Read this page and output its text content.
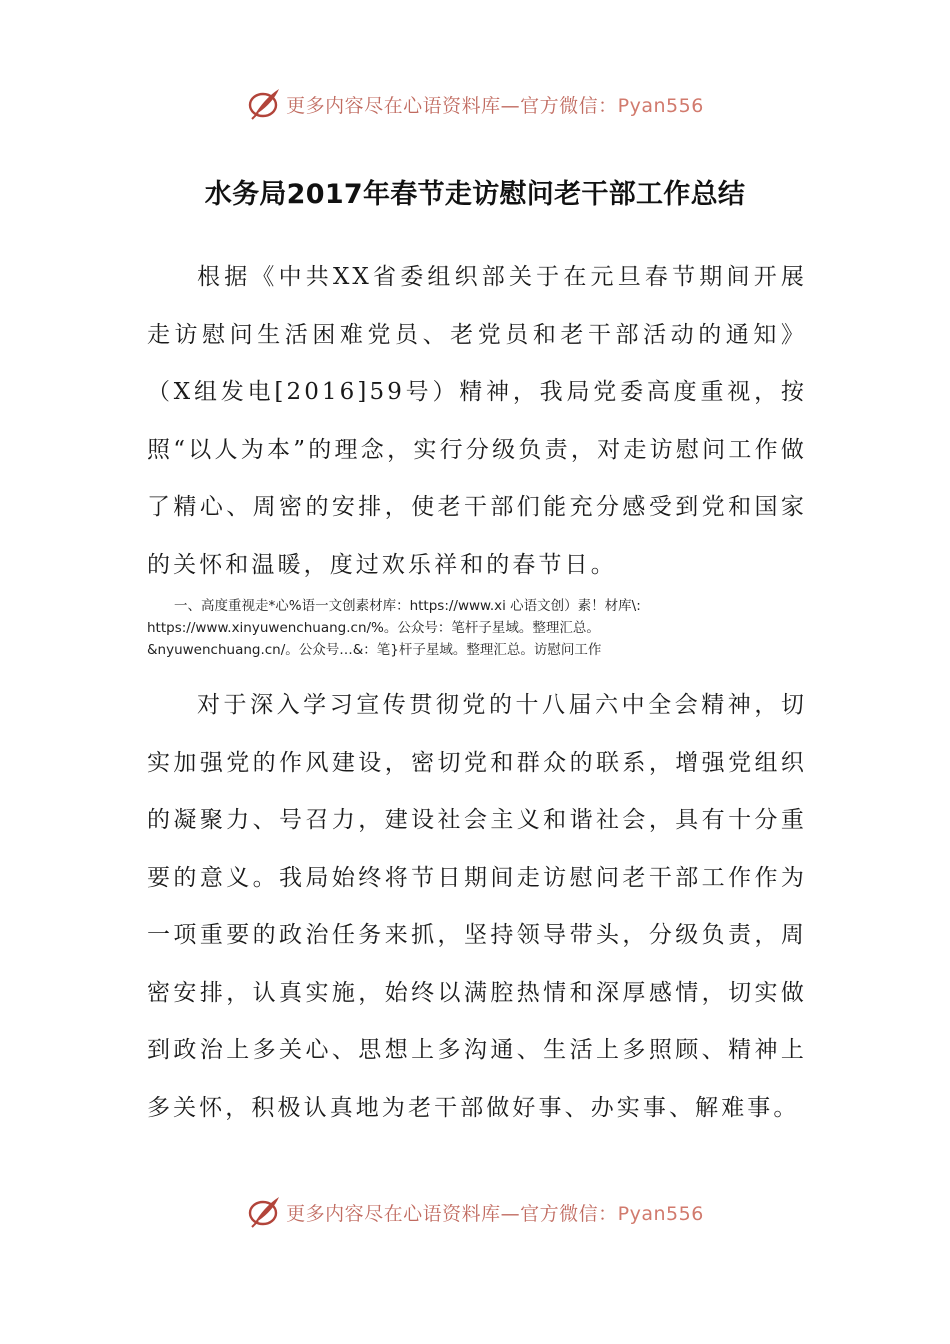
更多内容尽在心语资料库—官方微信：Pyan556
水务局2017年春节走访慰问老干部工作总结

根据《中共XX省委组织部关于在元旦春节期间开展走访慰问生活困难党员、老党员和老干部活动的通知》（X组发电[2016]59号）精神，我局党委高度重视，按照“以人为本”的理念，实行分级负责，对走访慰问工作做了精心、周密的安排，使老干部们能充分感受到党和国家的关怀和温暖，度过欢乐祥和的春节日。

一、高度重视走*心%语一文创素材库：https://www.xi 心语文创）素！材库\:
https://www.xinyuwenchuang.cn/%。公众号：笔杆子星域。整理汇总。
&nyuwenchuang.cn/。公众号…&：笔}杆子星域。整理汇总。访慰问工作

对于深入学习宣传贯彻党的十八届六中全会精神，切实加强党的作风建设，密切党和群众的联系，增强党组织的凝聚力、号召力，建设社会主义和谐社会，具有十分重要的意义。我局始终将节日期间走访慰问老干部工作作为一项重要的政治任务来抓，坚持领导带头，分级负责，周密安排，认真实施，始终以满腔热情和深厚感情，切实做到政治上多关心、思想上多沟通、生活上多照顾、精神上多关怀，积极认真地为老干部做好事、办实事、解难事。

更多内容尽在心语资料库—官方微信：Pyan556
